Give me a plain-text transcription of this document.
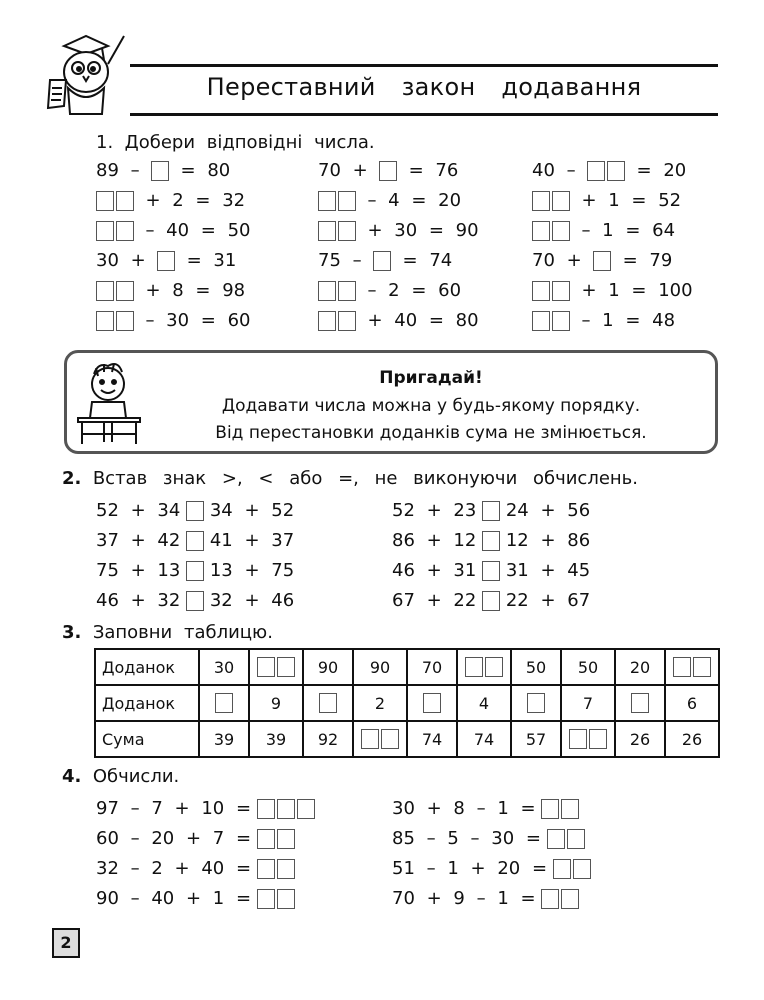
Переставний закон додавання
1. Добери відповідні числа.
89 – = 80
+ 2 = 32
– 40 = 50
30 + = 31
+ 8 = 98
– 30 = 60
70 + = 76
– 4 = 20
+ 30 = 90
75 – = 74
– 2 = 60
+ 40 = 80
40 –	= 20
+ 1 = 52
– 1 = 64
70 + = 79
+ 1 = 100
– 1 = 48
Пригадай!
Додавати числа можна у будь-якому порядку.
Від перестановки доданків сума не змінюється.
2. Встав знак >, < або =, не виконуючи обчислень.
52 + 34 34 + 52
37 + 42 41 + 37
75 + 13 13 + 75
46 + 32 32 + 46
52 + 23 24 + 56
86 + 12 12 + 86
46 + 31 31 + 45
67 + 22 22 + 67
3. Заповни таблицю.
Доданок	30		90	90	70		50	50	20	

Доданок		9		2		4		7		6
Сума	39	39	92		74	74	57		26	26
4. Обчисли.
97 – 7 + 10 =
60 – 20 + 7 =
32 – 2 + 40 =
90 – 40 + 1 =
30 + 8 – 1 =
85 – 5 – 30 =
51 – 1 + 20 =
70 + 9 – 1 =
2
